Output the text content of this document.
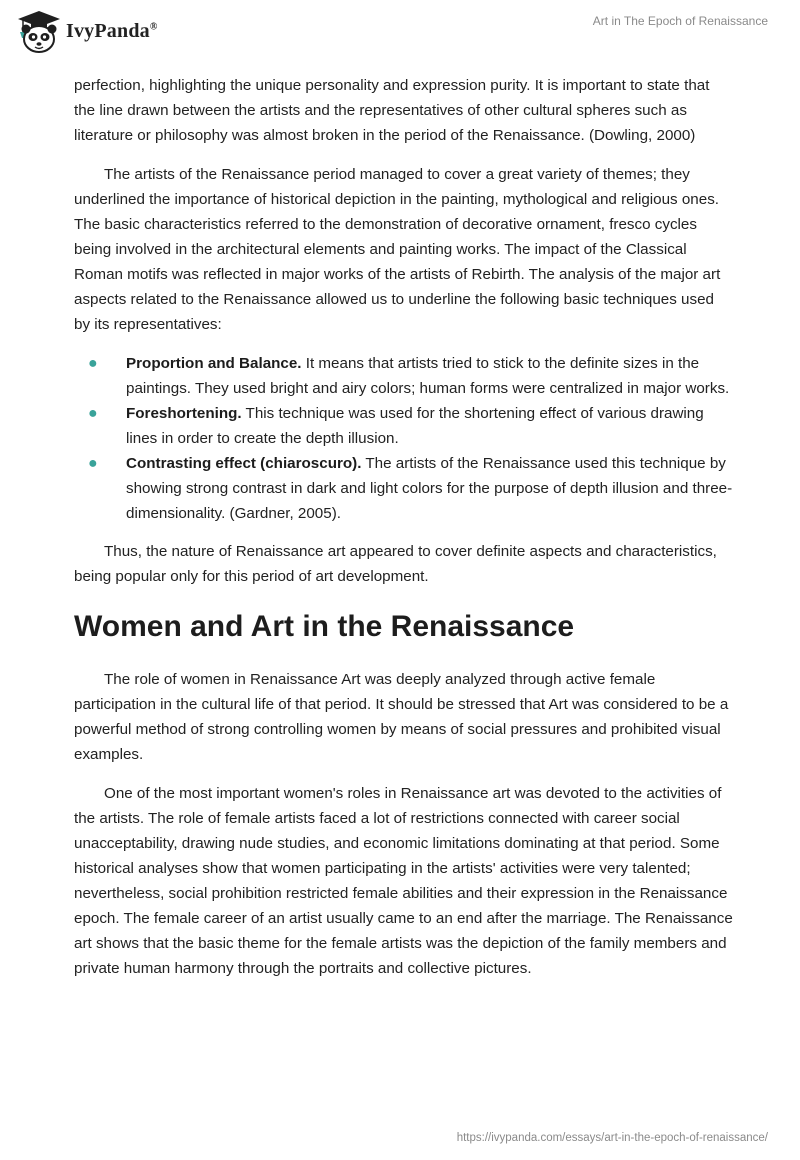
IvyPanda®	Art in The Epoch of Renaissance

perfection, highlighting the unique personality and expression purity. It is important to state that the line drawn between the artists and the representatives of other cultural spheres such as literature or philosophy was almost broken in the period of the Renaissance. (Dowling, 2000)

The artists of the Renaissance period managed to cover a great variety of themes; they underlined the importance of historical depiction in the painting, mythological and religious ones. The basic characteristics referred to the demonstration of decorative ornament, fresco cycles being involved in the architectural elements and painting works. The impact of the Classical Roman motifs was reflected in major works of the artists of Rebirth. The analysis of the major art aspects related to the Renaissance allowed us to underline the following basic techniques used by its representatives:

● Proportion and Balance. It means that artists tried to stick to the definite sizes in the paintings. They used bright and airy colors; human forms were centralized in major works.
● Foreshortening. This technique was used for the shortening effect of various drawing lines in order to create the depth illusion.
● Contrasting effect (chiaroscuro). The artists of the Renaissance used this technique by showing strong contrast in dark and light colors for the purpose of depth illusion and three-dimensionality. (Gardner, 2005).

Thus, the nature of Renaissance art appeared to cover definite aspects and characteristics, being popular only for this period of art development.

Women and Art in the Renaissance

The role of women in Renaissance Art was deeply analyzed through active female participation in the cultural life of that period. It should be stressed that Art was considered to be a powerful method of strong controlling women by means of social pressures and prohibited visual examples.

One of the most important women's roles in Renaissance art was devoted to the activities of the artists. The role of female artists faced a lot of restrictions connected with career social unacceptability, drawing nude studies, and economic limitations dominating at that period. Some historical analyses show that women participating in the artists' activities were very talented; nevertheless, social prohibition restricted female abilities and their expression in the Renaissance epoch. The female career of an artist usually came to an end after the marriage. The Renaissance art shows that the basic theme for the female artists was the depiction of the family members and private human harmony through the portraits and collective pictures.

https://ivypanda.com/essays/art-in-the-epoch-of-renaissance/
